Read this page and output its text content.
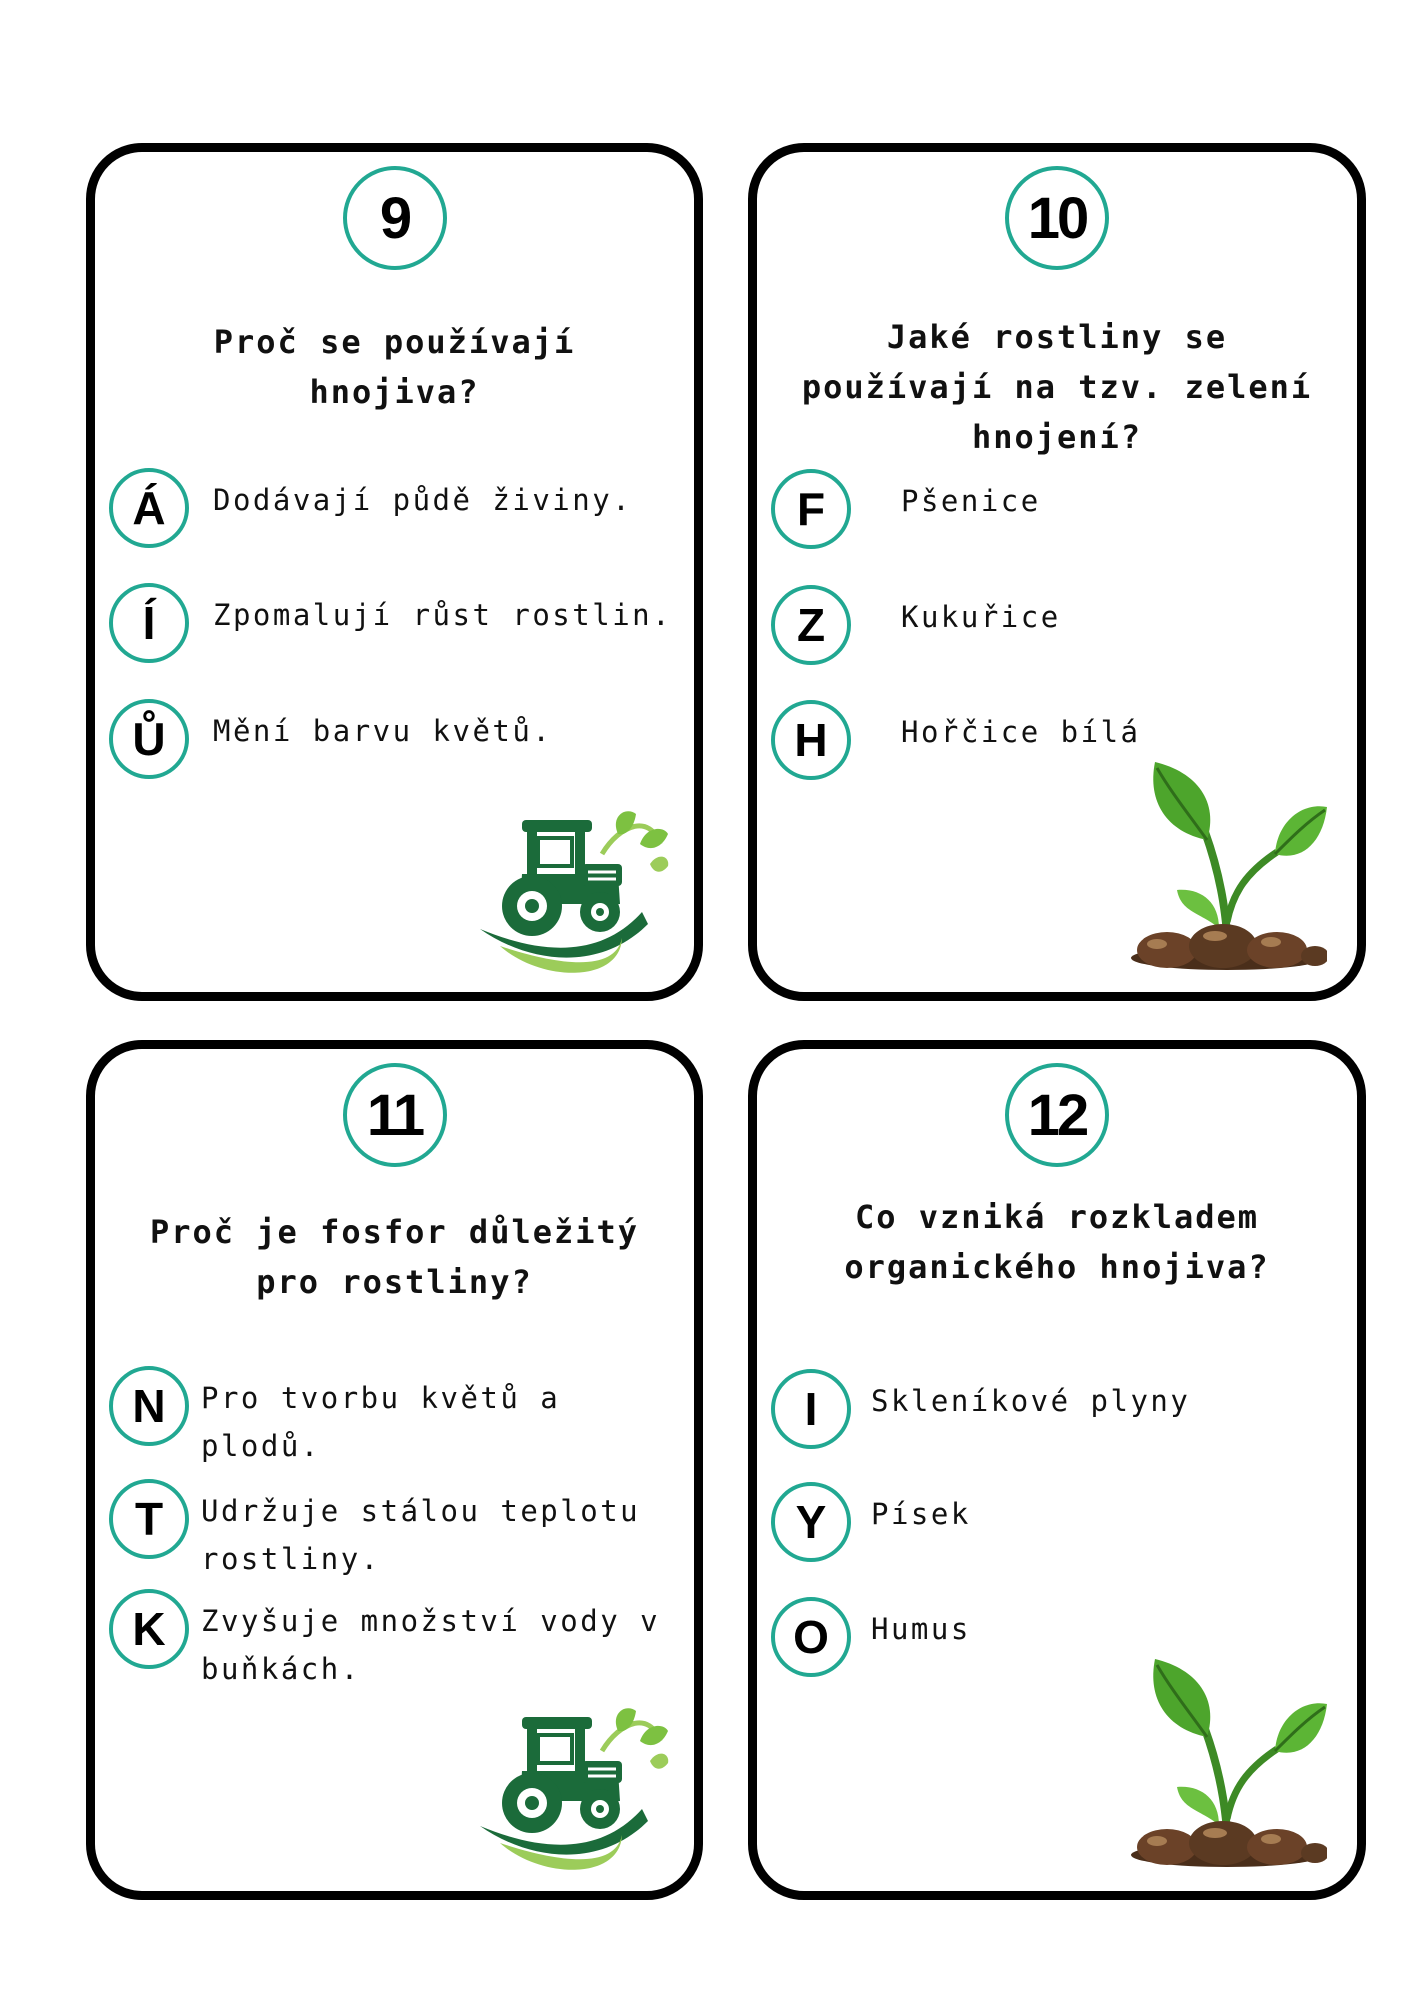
9

Proč se používají hnojiva?

Á	Dodávají půdě živiny.
Í	Zpomalují růst rostlin.
Ů	Mění barvu květů.
10

Jaké rostliny se používají na tzv. zelení hnojení?

F	Pšenice
Z	Kukuřice
H	Hořčice bílá
11

Proč je fosfor důležitý pro rostliny?

N	Pro tvorbu květů a plodů.
T	Udržuje stálou teplotu rostliny.
K	Zvyšuje množství vody v buňkách.
12

Co vzniká rozkladem organického hnojiva?

I	Skleníkové plyny
Y	Písek
O	Humus
